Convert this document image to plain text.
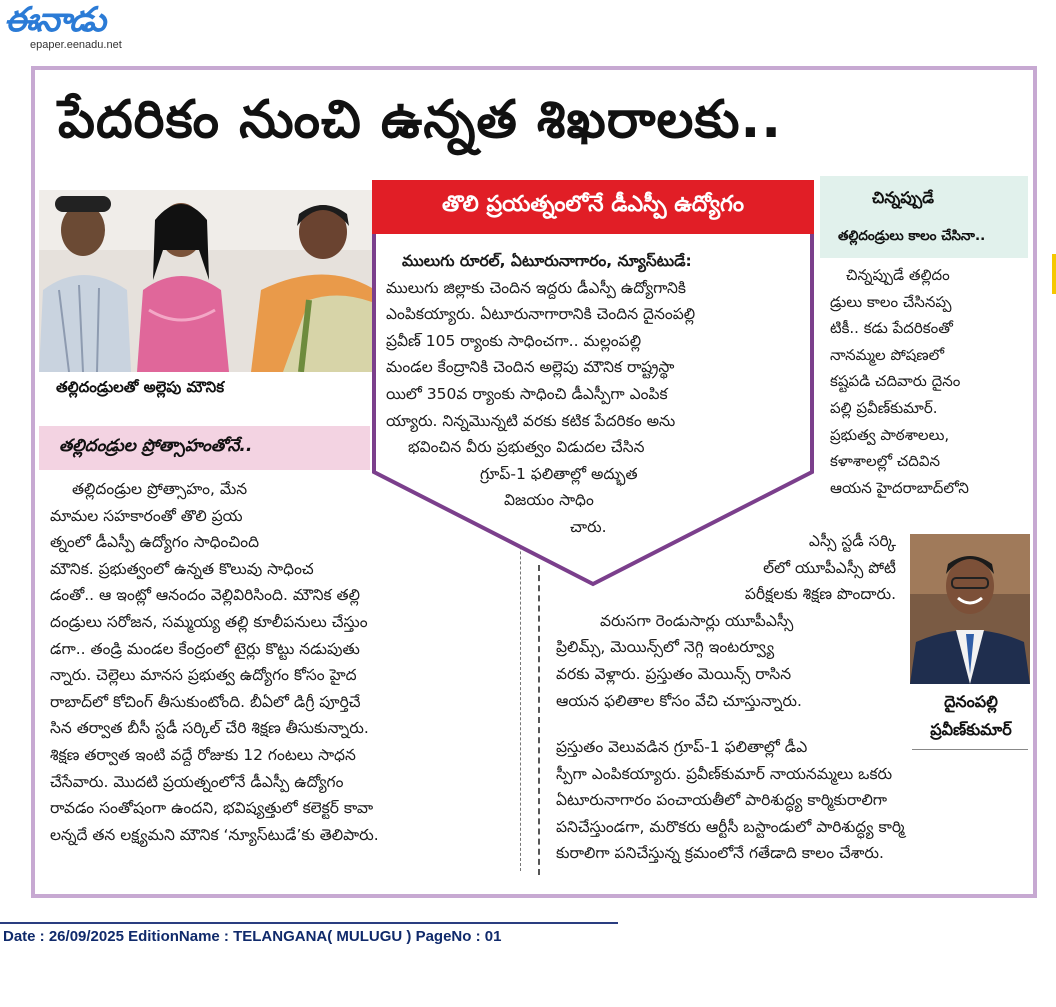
ఈనాడు
epaper.eenadu.net
పేదరికం నుంచి ఉన్నత శిఖరాలకు..
తల్లిదండ్రులతో అల్లెపు మౌనిక
తల్లిదండ్రుల ప్రోత్సాహంతోనే..

తల్లిదండ్రుల ప్రోత్సాహం, మేన

మామల సహకారంతో తొలి ప్రయ

త్నంలో డీఎస్పీ ఉద్యోగం సాధించింది

మౌనిక. ప్రభుత్వంలో ఉన్నత కొలువు సాధించ

డంతో.. ఆ ఇంట్లో ఆనందం వెల్లివిరిసింది. మౌనిక తల్లి

దండ్రులు సరోజన, సమ్మయ్య తల్లి కూలీపనులు చేస్తుం

డగా.. తండ్రి మండల కేంద్రంలో టైర్లు కొట్టు నడుపుతు

న్నారు. చెల్లెలు మానస ప్రభుత్వ ఉద్యోగం కోసం హైద

రాబాద్‌లో కోచింగ్ తీసుకుంటోంది. బీఏలో డిగ్రీ పూర్తిచే

సిన తర్వాత బీసీ స్టడీ సర్కిల్ చేరి శిక్షణ తీసుకున్నారు.

శిక్షణ తర్వాత ఇంటి వద్దే రోజుకు 12 గంటలు సాధన

చేసేవారు. మొదటి ప్రయత్నంలోనే డీఎస్పీ ఉద్యోగం

రావడం సంతోషంగా ఉందని, భవిష్యత్తులో కలెక్టర్ కావా

లన్నదే తన లక్ష్యమని మౌనిక ‘న్యూస్‌టుడే’కు తెలిపారు.

తొలి ప్రయత్నంలోనే డీఎస్పీ ఉద్యోగం
ములుగు రూరల్, ఏటూరునాగారం, న్యూస్‌టుడే:
ములుగు జిల్లాకు చెందిన ఇద్దరు డీఎస్పీ ఉద్యోగానికి
ఎంపికయ్యారు. ఏటూరునాగారానికి చెందిన దైనంపల్లి
ప్రవీణ్ 105 ర్యాంకు సాధించగా.. మల్లంపల్లి
మండల కేంద్రానికి చెందిన అల్లెపు మౌనిక రాష్ట్రస్థా
యిలో 350వ ర్యాంకు సాధించి డీఎస్పీగా ఎంపిక
య్యారు. నిన్నమొన్నటి వరకు కటిక పేదరికం అను
భవించిన వీరు ప్రభుత్వం విడుదల చేసిన
గ్రూప్-1 ఫలితాల్లో అద్భుత
విజయం సాధిం
చారు.
చిన్నప్పుడే
తల్లిదండ్రులు కాలం చేసినా..

చిన్నప్పుడే తల్లిదం

డ్రులు కాలం చేసినప్ప

టికీ.. కడు పేదరికంతో

నానమ్మల పోషణలో

కష్టపడి చదివారు దైనం

పల్లి ప్రవీణ్‌కుమార్.

ప్రభుత్వ పాఠశాలలు,

కళాశాలల్లో చదివిన

ఆయన హైదరాబాద్‌లోని

ఎస్సీ స్టడీ సర్కి

ల్‌లో యూపీఎస్సీ పోటీ

పరీక్షలకు శిక్షణ పొందారు.

వరుసగా రెండుసార్లు యూపీఎస్సీ

ప్రిలిమ్స్, మెయిన్స్‌లో నెగ్గి ఇంటర్వ్యూ

వరకు వెళ్లారు. ప్రస్తుతం మెయిన్స్ రాసిన

ఆయన ఫలితాల కోసం వేచి చూస్తున్నారు.	దైనంపల్లి
ప్రవీణ్‌కుమార్

ప్రస్తుతం వెలువడిన గ్రూప్-1 ఫలితాల్లో డీఎ

స్పీగా ఎంపికయ్యారు. ప్రవీణ్‌కుమార్ నాయనమ్మలు ఒకరు

ఏటూరునాగారం పంచాయతీలో పారిశుద్ధ్య కార్మికురాలిగా

పనిచేస్తుండగా, మరొకరు ఆర్టీసీ బస్టాండులో పారిశుద్ధ్య కార్మి

కురాలిగా పనిచేస్తున్న క్రమంలోనే గతేడాది కాలం చేశారు.

Date : 26/09/2025 EditionName : TELANGANA( MULUGU ) PageNo : 01
